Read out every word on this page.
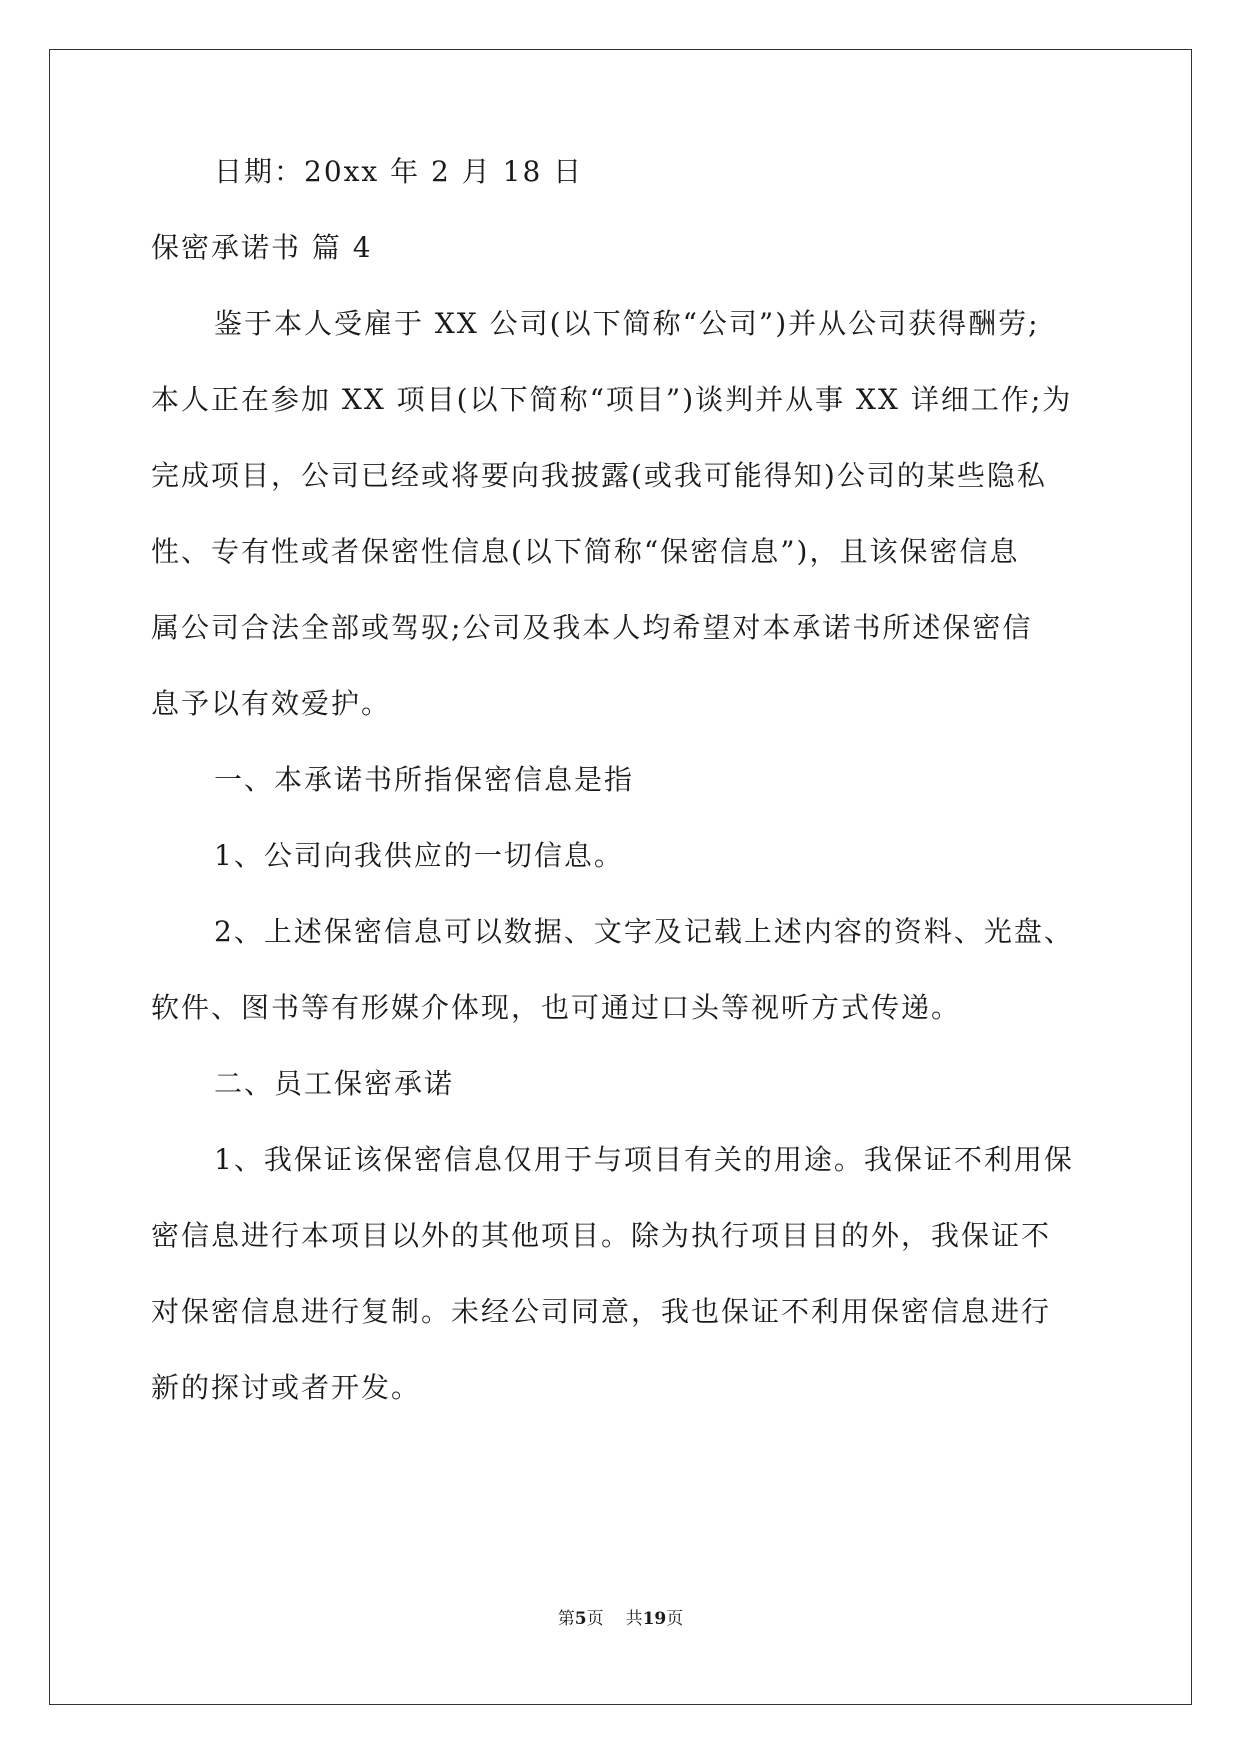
日期：20xx 年 2 月 18 日
保密承诺书 篇 4
鉴于本人受雇于 XX 公司(以下简称“公司”)并从公司获得酬劳;
本人正在参加 XX 项目(以下简称“项目”)谈判并从事 XX 详细工作;为
完成项目，公司已经或将要向我披露(或我可能得知)公司的某些隐私
性、专有性或者保密性信息(以下简称“保密信息”)，且该保密信息
属公司合法全部或驾驭;公司及我本人均希望对本承诺书所述保密信
息予以有效爱护。
一、本承诺书所指保密信息是指
1、公司向我供应的一切信息。
2、上述保密信息可以数据、文字及记载上述内容的资料、光盘、
软件、图书等有形媒介体现，也可通过口头等视听方式传递。
二、员工保密承诺
1、我保证该保密信息仅用于与项目有关的用途。我保证不利用保
密信息进行本项目以外的其他项目。除为执行项目目的外，我保证不
对保密信息进行复制。未经公司同意，我也保证不利用保密信息进行
新的探讨或者开发。
第5页 共19页
